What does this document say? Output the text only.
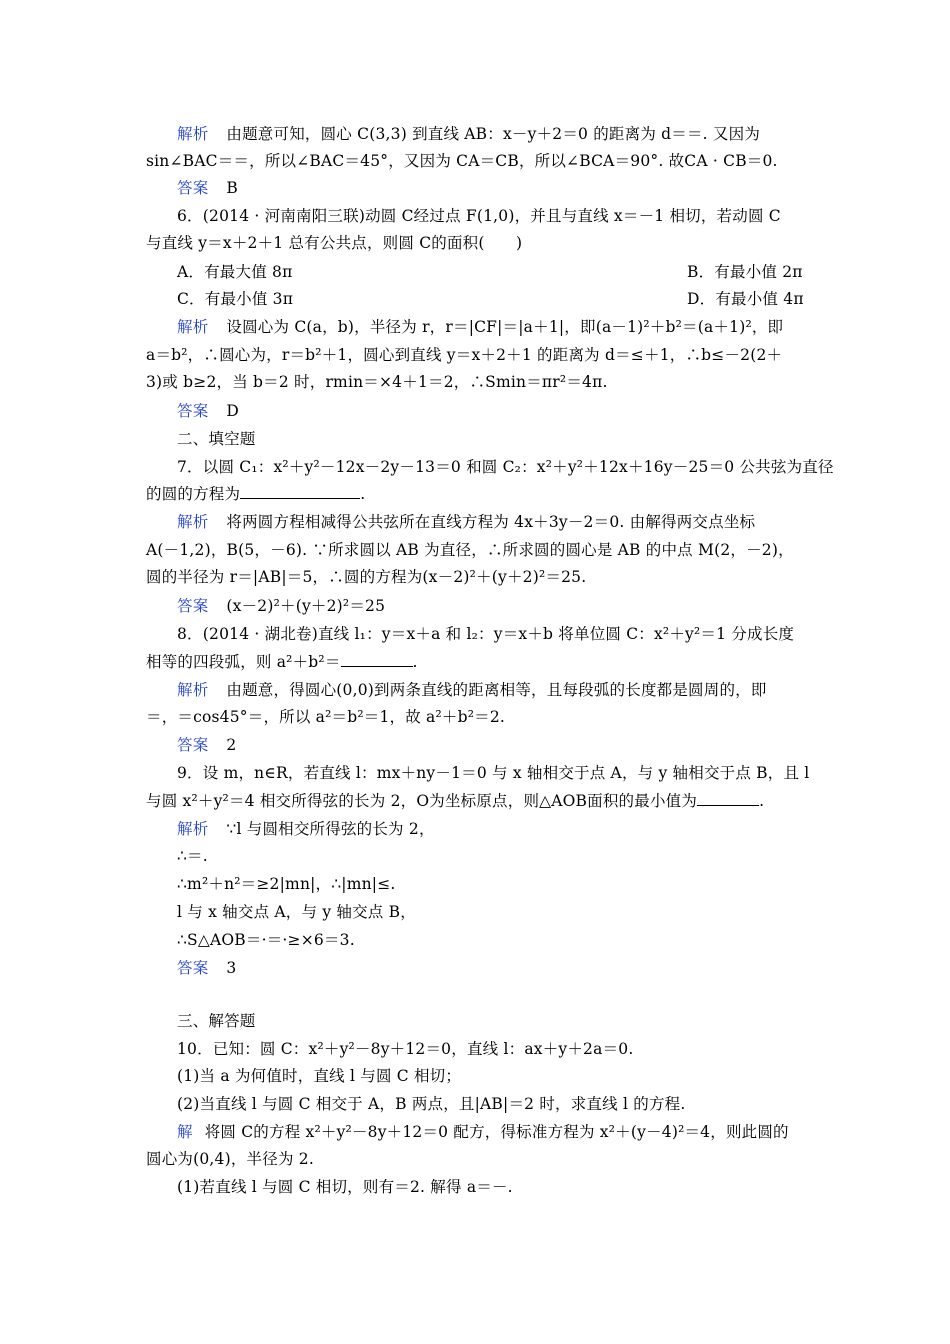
解析 由题意可知，圆心 C(3,3) 到直线 AB：x－y＋2＝0 的距离为 d＝＝. 又因为
sin∠BAC＝＝，所以∠BAC＝45°，又因为 CA＝CB，所以∠BCA＝90°. 故CA · CB＝0.
答案 B
6．(2014 · 河南南阳三联)动圆 C经过点 F(1,0)，并且与直线 x＝－1 相切，若动圆 C
与直线 y＝x＋2＋1 总有公共点，则圆 C的面积(　　)
A．有最大值 8π	B．有最小值 2π
C．有最小值 3π	D．有最小值 4π
解析 设圆心为 C(a，b)，半径为 r，r＝|CF|＝|a＋1|，即(a－1)²＋b²＝(a＋1)²，即
a＝b²，∴圆心为，r＝b²＋1，圆心到直线 y＝x＋2＋1 的距离为 d＝≤＋1，∴b≤－2(2＋
3)或 b≥2，当 b＝2 时，rmin＝×4＋1＝2，∴Smin＝πr²＝4π.
答案 D
二、填空题
7．以圆 C₁：x²＋y²－12x－2y－13＝0 和圆 C₂：x²＋y²＋12x＋16y－25＝0 公共弦为直径
的圆的方程为	.
解析 将两圆方程相减得公共弦所在直线方程为 4x＋3y－2＝0. 由解得两交点坐标
A(－1,2)，B(5，－6). ∵所求圆以 AB 为直径，∴所求圆的圆心是 AB 的中点 M(2，－2)，
圆的半径为 r＝|AB|＝5，∴圆的方程为(x－2)²＋(y＋2)²＝25.
答案 (x－2)²＋(y＋2)²＝25
8．(2014 · 湖北卷)直线 l₁：y＝x＋a 和 l₂：y＝x＋b 将单位圆 C：x²＋y²＝1 分成长度
相等的四段弧，则 a²＋b²＝	.
解析 由题意，得圆心(0,0)到两条直线的距离相等，且每段弧的长度都是圆周的，即
＝，＝cos45°＝，所以 a²＝b²＝1，故 a²＋b²＝2.
答案 2
9．设 m，n∈R，若直线 l：mx＋ny－1＝0 与 x 轴相交于点 A，与 y 轴相交于点 B，且 l
与圆 x²＋y²＝4 相交所得弦的长为 2，O为坐标原点，则△AOB面积的最小值为	.
解析 ∵l 与圆相交所得弦的长为 2，
∴＝.
∴m²＋n²＝≥2|mn|，∴|mn|≤.
l 与 x 轴交点 A，与 y 轴交点 B，
∴S△AOB＝·＝·≥×6＝3.
答案 3
三、解答题
10．已知：圆 C：x²＋y²－8y＋12＝0，直线 l：ax＋y＋2a＝0.
(1)当 a 为何值时，直线 l 与圆 C 相切；
(2)当直线 l 与圆 C 相交于 A，B 两点，且|AB|＝2 时，求直线 l 的方程.
解 将圆 C的方程 x²＋y²－8y＋12＝0 配方，得标准方程为 x²＋(y－4)²＝4，则此圆的
圆心为(0,4)，半径为 2.
(1)若直线 l 与圆 C 相切，则有＝2. 解得 a＝－.
